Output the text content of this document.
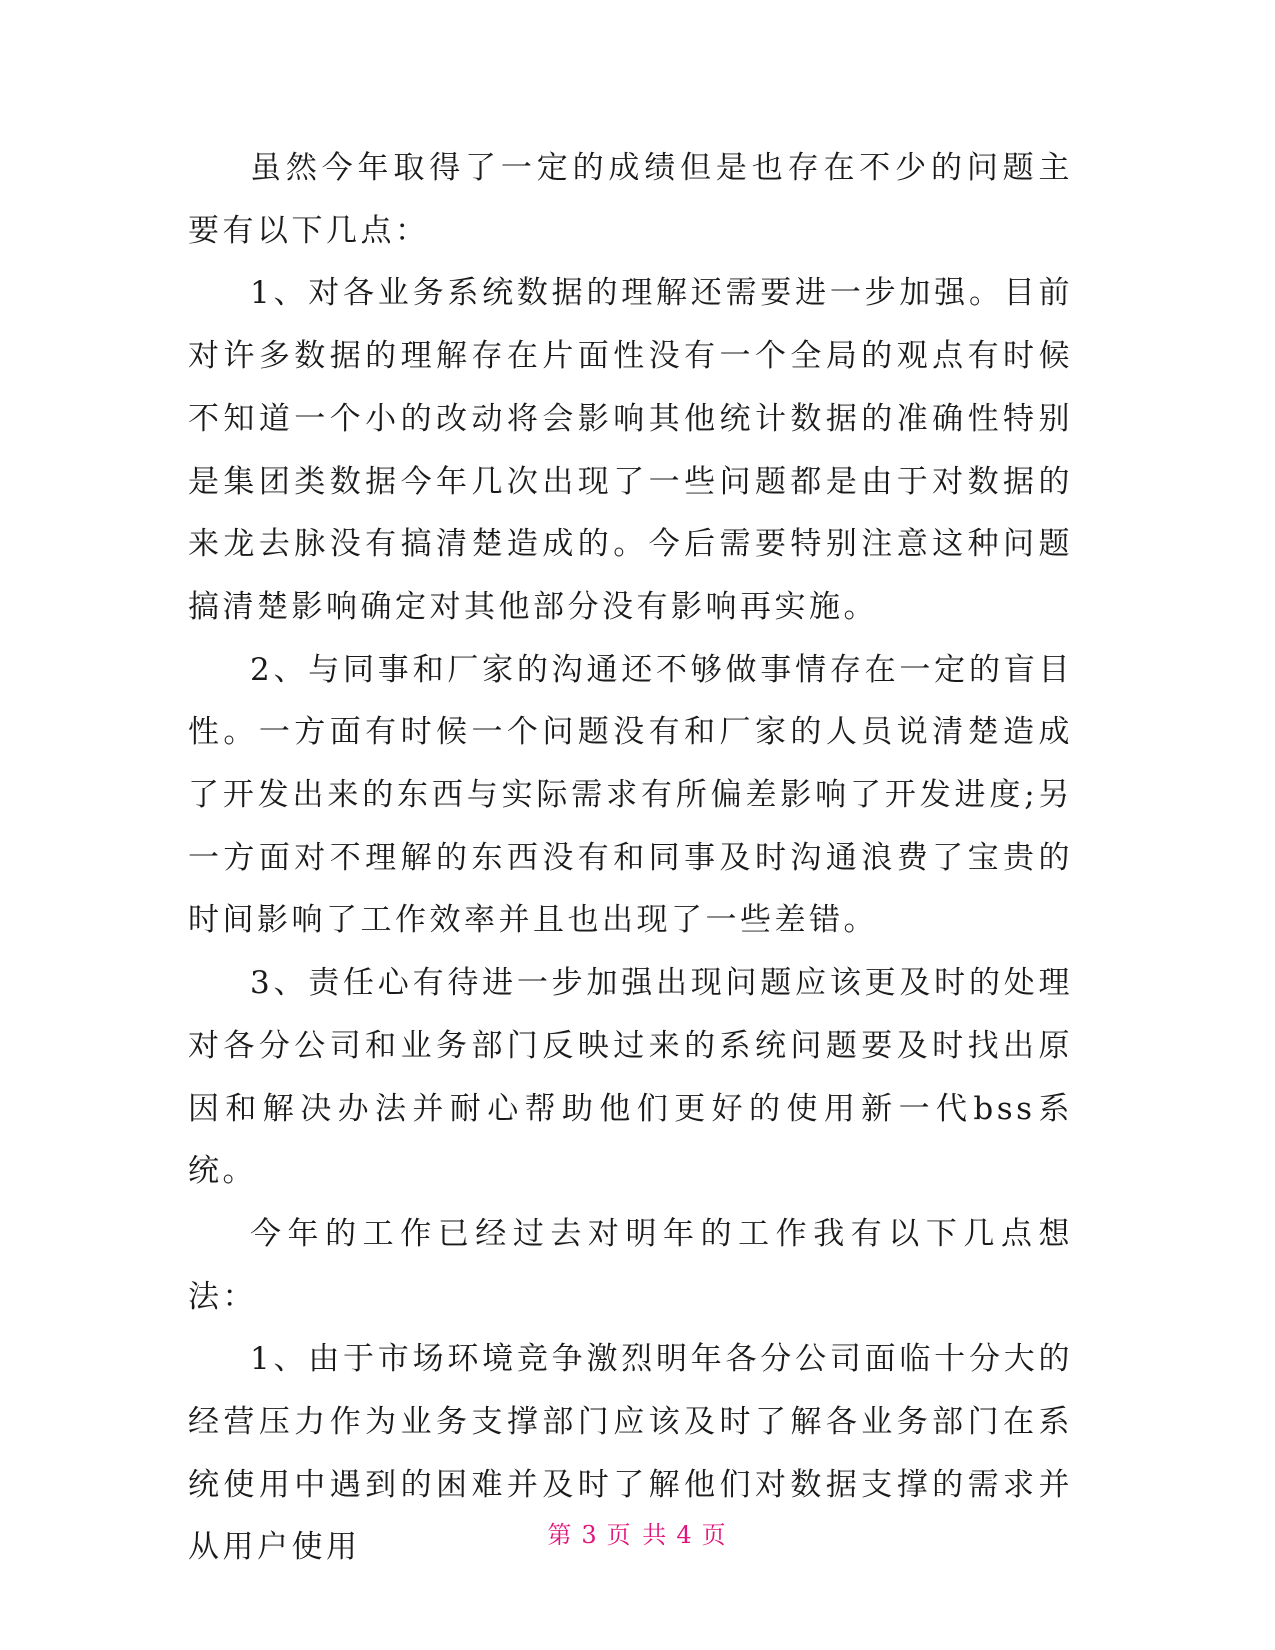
虽然今年取得了一定的成绩但是也存在不少的问题主要有以下几点：

1、对各业务系统数据的理解还需要进一步加强。目前对许多数据的理解存在片面性没有一个全局的观点有时候不知道一个小的改动将会影响其他统计数据的准确性特别是集团类数据今年几次出现了一些问题都是由于对数据的来龙去脉没有搞清楚造成的。今后需要特别注意这种问题搞清楚影响确定对其他部分没有影响再实施。

2、与同事和厂家的沟通还不够做事情存在一定的盲目性。一方面有时候一个问题没有和厂家的人员说清楚造成了开发出来的东西与实际需求有所偏差影响了开发进度;另一方面对不理解的东西没有和同事及时沟通浪费了宝贵的时间影响了工作效率并且也出现了一些差错。

3、责任心有待进一步加强出现问题应该更及时的处理对各分公司和业务部门反映过来的系统问题要及时找出原因和解决办法并耐心帮助他们更好的使用新一代bss系统。

今年的工作已经过去对明年的工作我有以下几点想法：

1、由于市场环境竞争激烈明年各分公司面临十分大的经营压力作为业务支撑部门应该及时了解各业务部门在系统使用中遇到的困难并及时了解他们对数据支撑的需求并从用户使用	第 3 页 共 4 页
